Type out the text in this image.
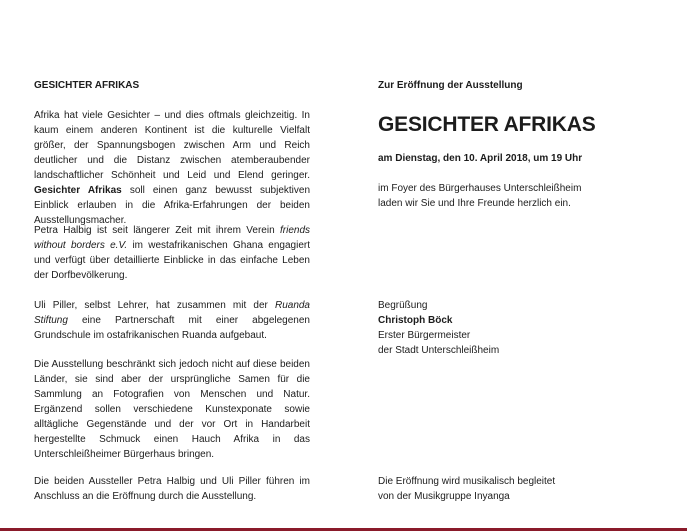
GESICHTER AFRIKAS

Afrika hat viele Gesichter – und dies oftmals gleichzeitig. In kaum einem anderen Kontinent ist die kulturelle Vielfalt größer, der Spannungsbogen zwischen Arm und Reich deutlicher und die Distanz zwischen atemberaubender landschaftlicher Schönheit und Leid und Elend geringer. Gesichter Afrikas soll einen ganz bewusst subjektiven Einblick erlauben in die Afrika-Erfahrungen der beiden Ausstellungsmacher.

Petra Halbig ist seit längerer Zeit mit ihrem Verein friends without borders e.V. im westafrikanischen Ghana engagiert und verfügt über detaillierte Einblicke in das einfache Leben der Dorfbevölkerung.

Uli Piller, selbst Lehrer, hat zusammen mit der Ruanda Stiftung eine Partnerschaft mit einer abgelegenen Grundschule im ostafrikanischen Ruanda aufgebaut.

Die Ausstellung beschränkt sich jedoch nicht auf diese beiden Länder, sie sind aber der ursprüngliche Samen für die Sammlung an Fotografien von Menschen und Natur. Ergänzend sollen verschiedene Kunstexponate sowie alltägliche Gegenstände und der vor Ort in Handarbeit hergestellte Schmuck einen Hauch Afrika in das Unterschleißheimer Bürgerhaus bringen.

Die beiden Aussteller Petra Halbig und Uli Piller führen im Anschluss an die Eröffnung durch die Ausstellung.

Zur Eröffnung der Ausstellung

GESICHTER AFRIKAS

am Dienstag, den 10. April 2018, um 19 Uhr

im Foyer des Bürgerhauses Unterschleißheim

laden wir Sie und Ihre Freunde herzlich ein.

Begrüßung

Christoph Böck

Erster Bürgermeister

der Stadt Unterschleißheim

Die Eröffnung wird musikalisch begleitet

von der Musikgruppe Inyanga
